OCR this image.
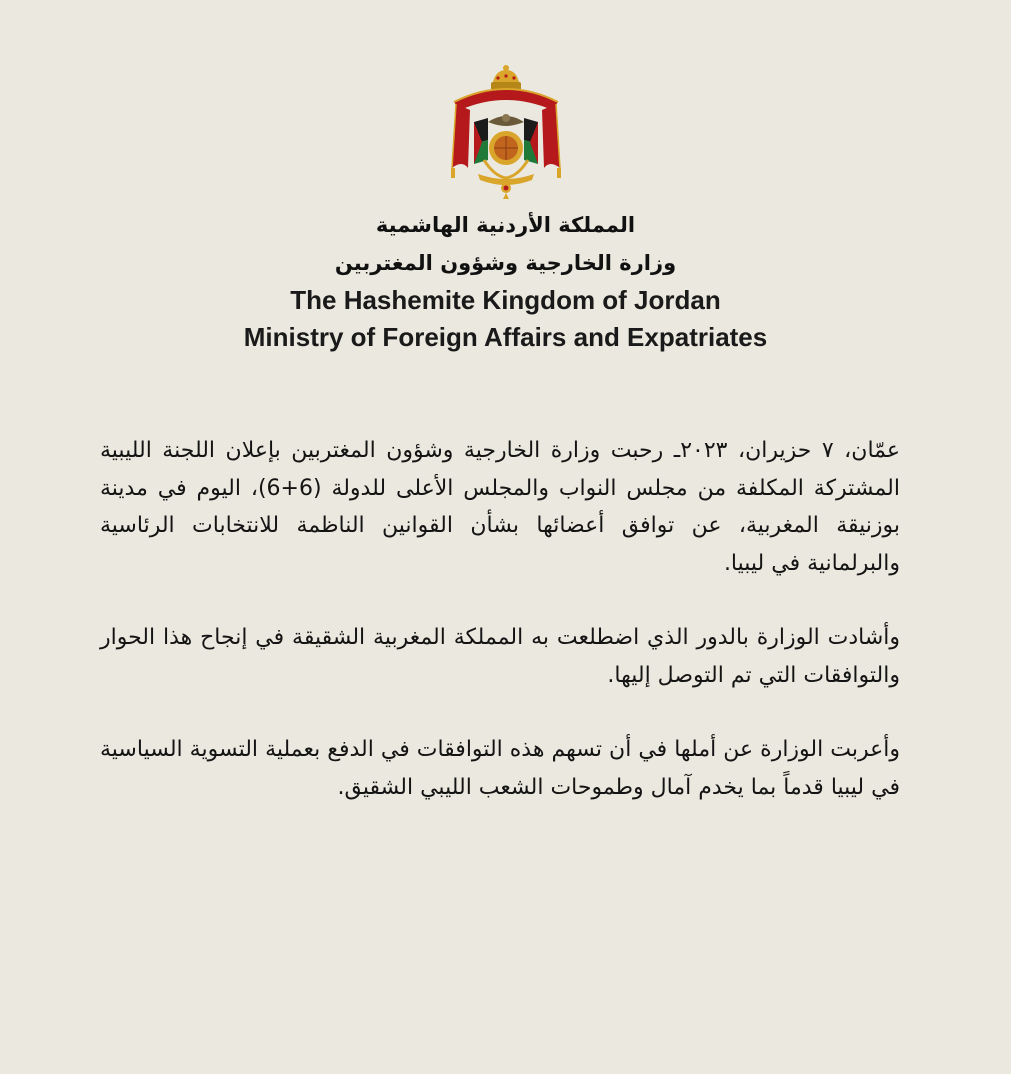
المملكة الأردنية الهاشمية
وزارة الخارجية وشؤون المغتربين
The Hashemite Kingdom of Jordan
Ministry of Foreign Affairs and Expatriates

عمّان، ٧ حزيران، ٢٠٢٣ـ رحبت وزارة الخارجية وشؤون المغتربين بإعلان اللجنة الليبية المشتركة المكلفة من مجلس النواب والمجلس الأعلى للدولة (6+6)، اليوم في مدينة بوزنيقة المغربية، عن توافق أعضائها بشأن القوانين الناظمة للانتخابات الرئاسية والبرلمانية في ليبيا.

وأشادت الوزارة بالدور الذي اضطلعت به المملكة المغربية الشقيقة في إنجاح هذا الحوار والتوافقات التي تم التوصل إليها.

وأعربت الوزارة عن أملها في أن تسهم هذه التوافقات في الدفع بعملية التسوية السياسية في ليبيا قدماً بما يخدم آمال وطموحات الشعب الليبي الشقيق.
